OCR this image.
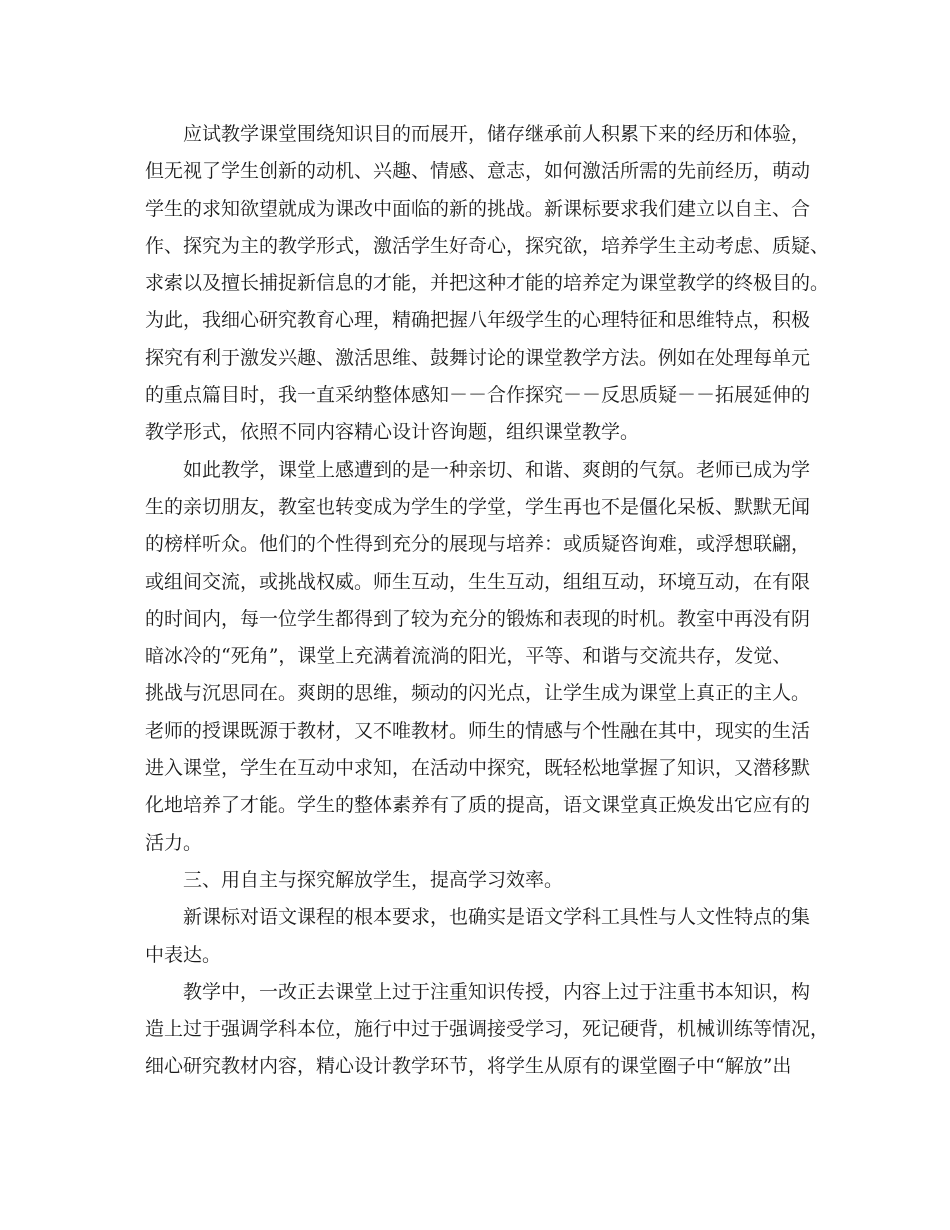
应试教学课堂围绕知识目的而展开，储存继承前人积累下来的经历和体验，
但无视了学生创新的动机、兴趣、情感、意志，如何激活所需的先前经历，萌动
学生的求知欲望就成为课改中面临的新的挑战。新课标要求我们建立以自主、合
作、探究为主的教学形式，激活学生好奇心，探究欲，培养学生主动考虑、质疑、
求索以及擅长捕捉新信息的才能，并把这种才能的培养定为课堂教学的终极目的。
为此，我细心研究教育心理，精确把握八年级学生的心理特征和思维特点，积极
探究有利于激发兴趣、激活思维、鼓舞讨论的课堂教学方法。例如在处理每单元
的重点篇目时，我一直采纳整体感知－－合作探究－－反思质疑－－拓展延伸的
教学形式，依照不同内容精心设计咨询题，组织课堂教学。
如此教学，课堂上感遭到的是一种亲切、和谐、爽朗的气氛。老师已成为学
生的亲切朋友，教室也转变成为学生的学堂，学生再也不是僵化呆板、默默无闻
的榜样听众。他们的个性得到充分的展现与培养：或质疑咨询难，或浮想联翩，
或组间交流，或挑战权威。师生互动，生生互动，组组互动，环境互动，在有限
的时间内，每一位学生都得到了较为充分的锻炼和表现的时机。教室中再没有阴
暗冰冷的“死角”，课堂上充满着流淌的阳光，平等、和谐与交流共存，发觉、
挑战与沉思同在。爽朗的思维，频动的闪光点，让学生成为课堂上真正的主人。
老师的授课既源于教材，又不唯教材。师生的情感与个性融在其中，现实的生活
进入课堂，学生在互动中求知，在活动中探究，既轻松地掌握了知识，又潜移默
化地培养了才能。学生的整体素养有了质的提高，语文课堂真正焕发出它应有的
活力。
三、用自主与探究解放学生，提高学习效率。
新课标对语文课程的根本要求，也确实是语文学科工具性与人文性特点的集
中表达。
教学中，一改正去课堂上过于注重知识传授，内容上过于注重书本知识，构
造上过于强调学科本位，施行中过于强调接受学习，死记硬背，机械训练等情况，
细心研究教材内容，精心设计教学环节，将学生从原有的课堂圈子中“解放”出
